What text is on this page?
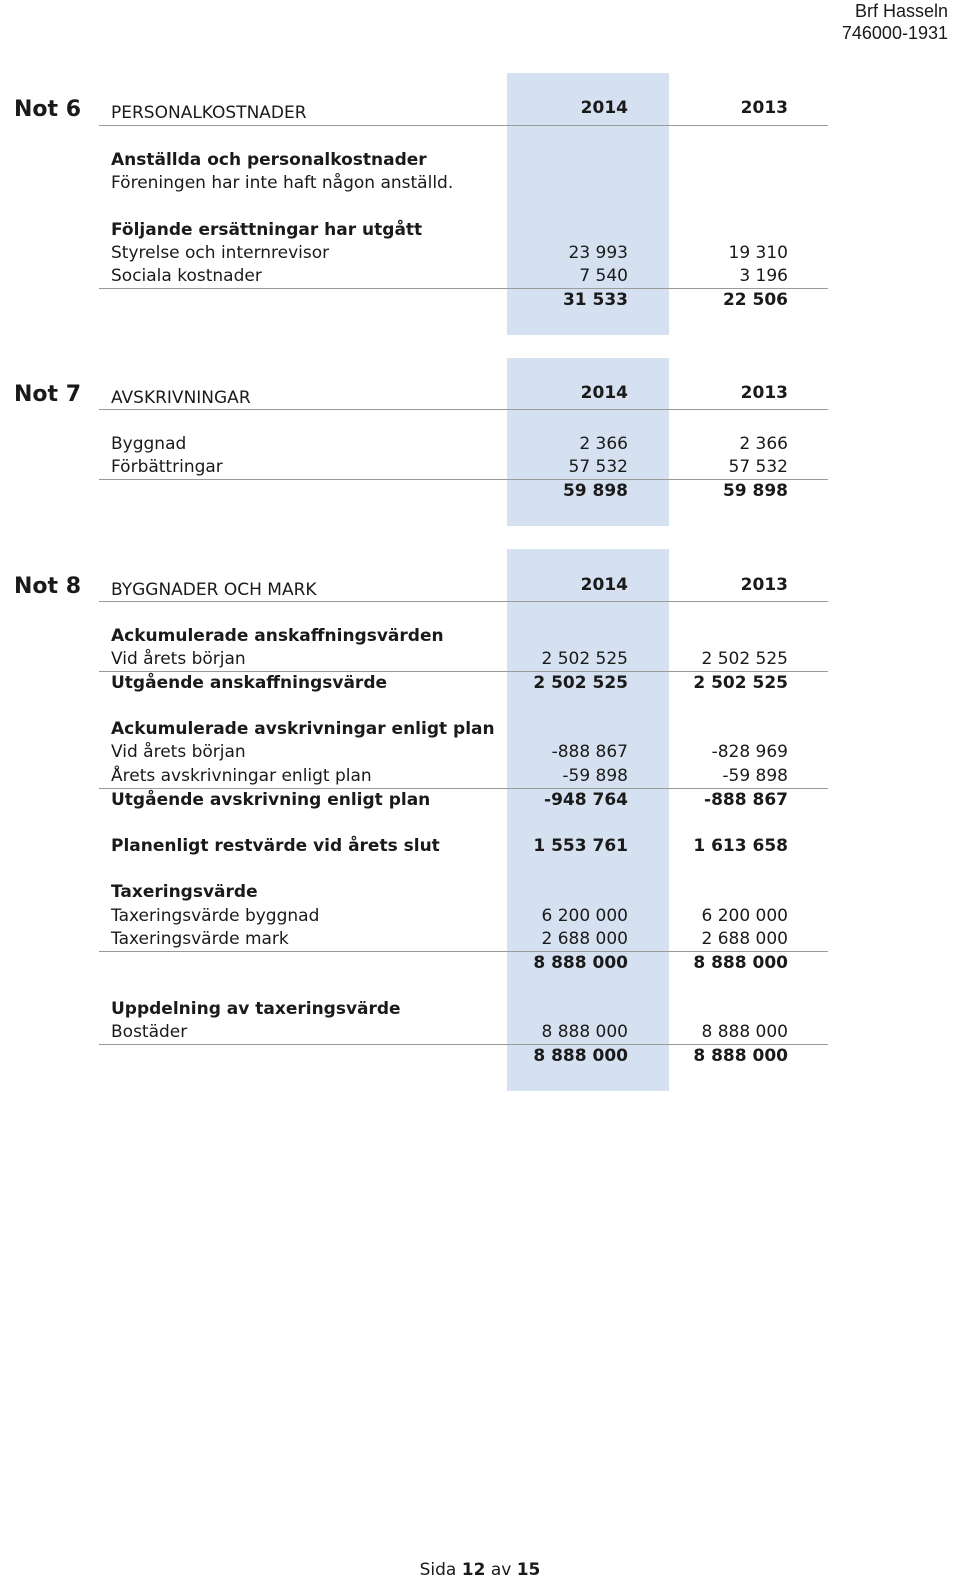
Brf Hasseln
746000-1931
Not 6 PERSONALKOSTNADER	2014	2013
Anställda och personalkostnader
Föreningen har inte haft någon anställd.
Följande ersättningar har utgått
Styrelse och internrevisor	23 993	19 310
Sociala kostnader	7 540	3 196
31 533	22 506
Not 7 AVSKRIVNINGAR	2014	2013
Byggnad	2 366	2 366
Förbättringar	57 532	57 532
59 898	59 898
Not 8 BYGGNADER OCH MARK	2014	2013
Ackumulerade anskaffningsvärden
Vid årets början	2 502 525	2 502 525
Utgående anskaffningsvärde	2 502 525	2 502 525
Ackumulerade avskrivningar enligt plan
Vid årets början	-888 867	-828 969
Årets avskrivningar enligt plan	-59 898	-59 898
Utgående avskrivning enligt plan	-948 764	-888 867
Planenligt restvärde vid årets slut	1 553 761	1 613 658
Taxeringsvärde
Taxeringsvärde byggnad	6 200 000	6 200 000
Taxeringsvärde mark	2 688 000	2 688 000
8 888 000	8 888 000
Uppdelning av taxeringsvärde
Bostäder	8 888 000	8 888 000
8 888 000	8 888 000
Sida 12 av 15
